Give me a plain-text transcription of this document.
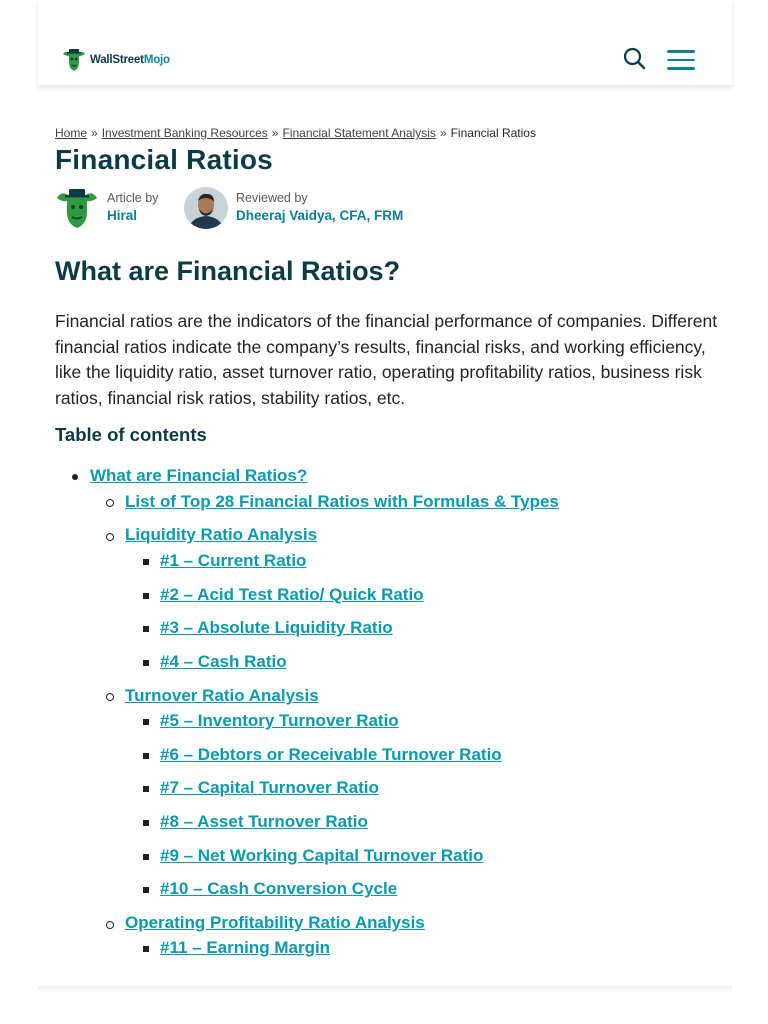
WallStreetMojo
Home » Investment Banking Resources » Financial Statement Analysis » Financial Ratios
Financial Ratios
Article by
Hiral
Reviewed by
Dheeraj Vaidya, CFA, FRM
What are Financial Ratios?

Financial ratios are the indicators of the financial performance of companies. Different financial ratios indicate the company’s results, financial risks, and working efficiency, like the liquidity ratio, asset turnover ratio, operating profitability ratios, business risk ratios, financial risk ratios, stability ratios, etc.

Table of contents
What are Financial Ratios?
List of Top 28 Financial Ratios with Formulas & Types
Liquidity Ratio Analysis
#1 – Current Ratio
#2 – Acid Test Ratio/ Quick Ratio
#3 – Absolute Liquidity Ratio
#4 – Cash Ratio
Turnover Ratio Analysis
#5 – Inventory Turnover Ratio
#6 – Debtors or Receivable Turnover Ratio
#7 – Capital Turnover Ratio
#8 – Asset Turnover Ratio
#9 – Net Working Capital Turnover Ratio
#10 – Cash Conversion Cycle
Operating Profitability Ratio Analysis
#11 – Earning Margin
